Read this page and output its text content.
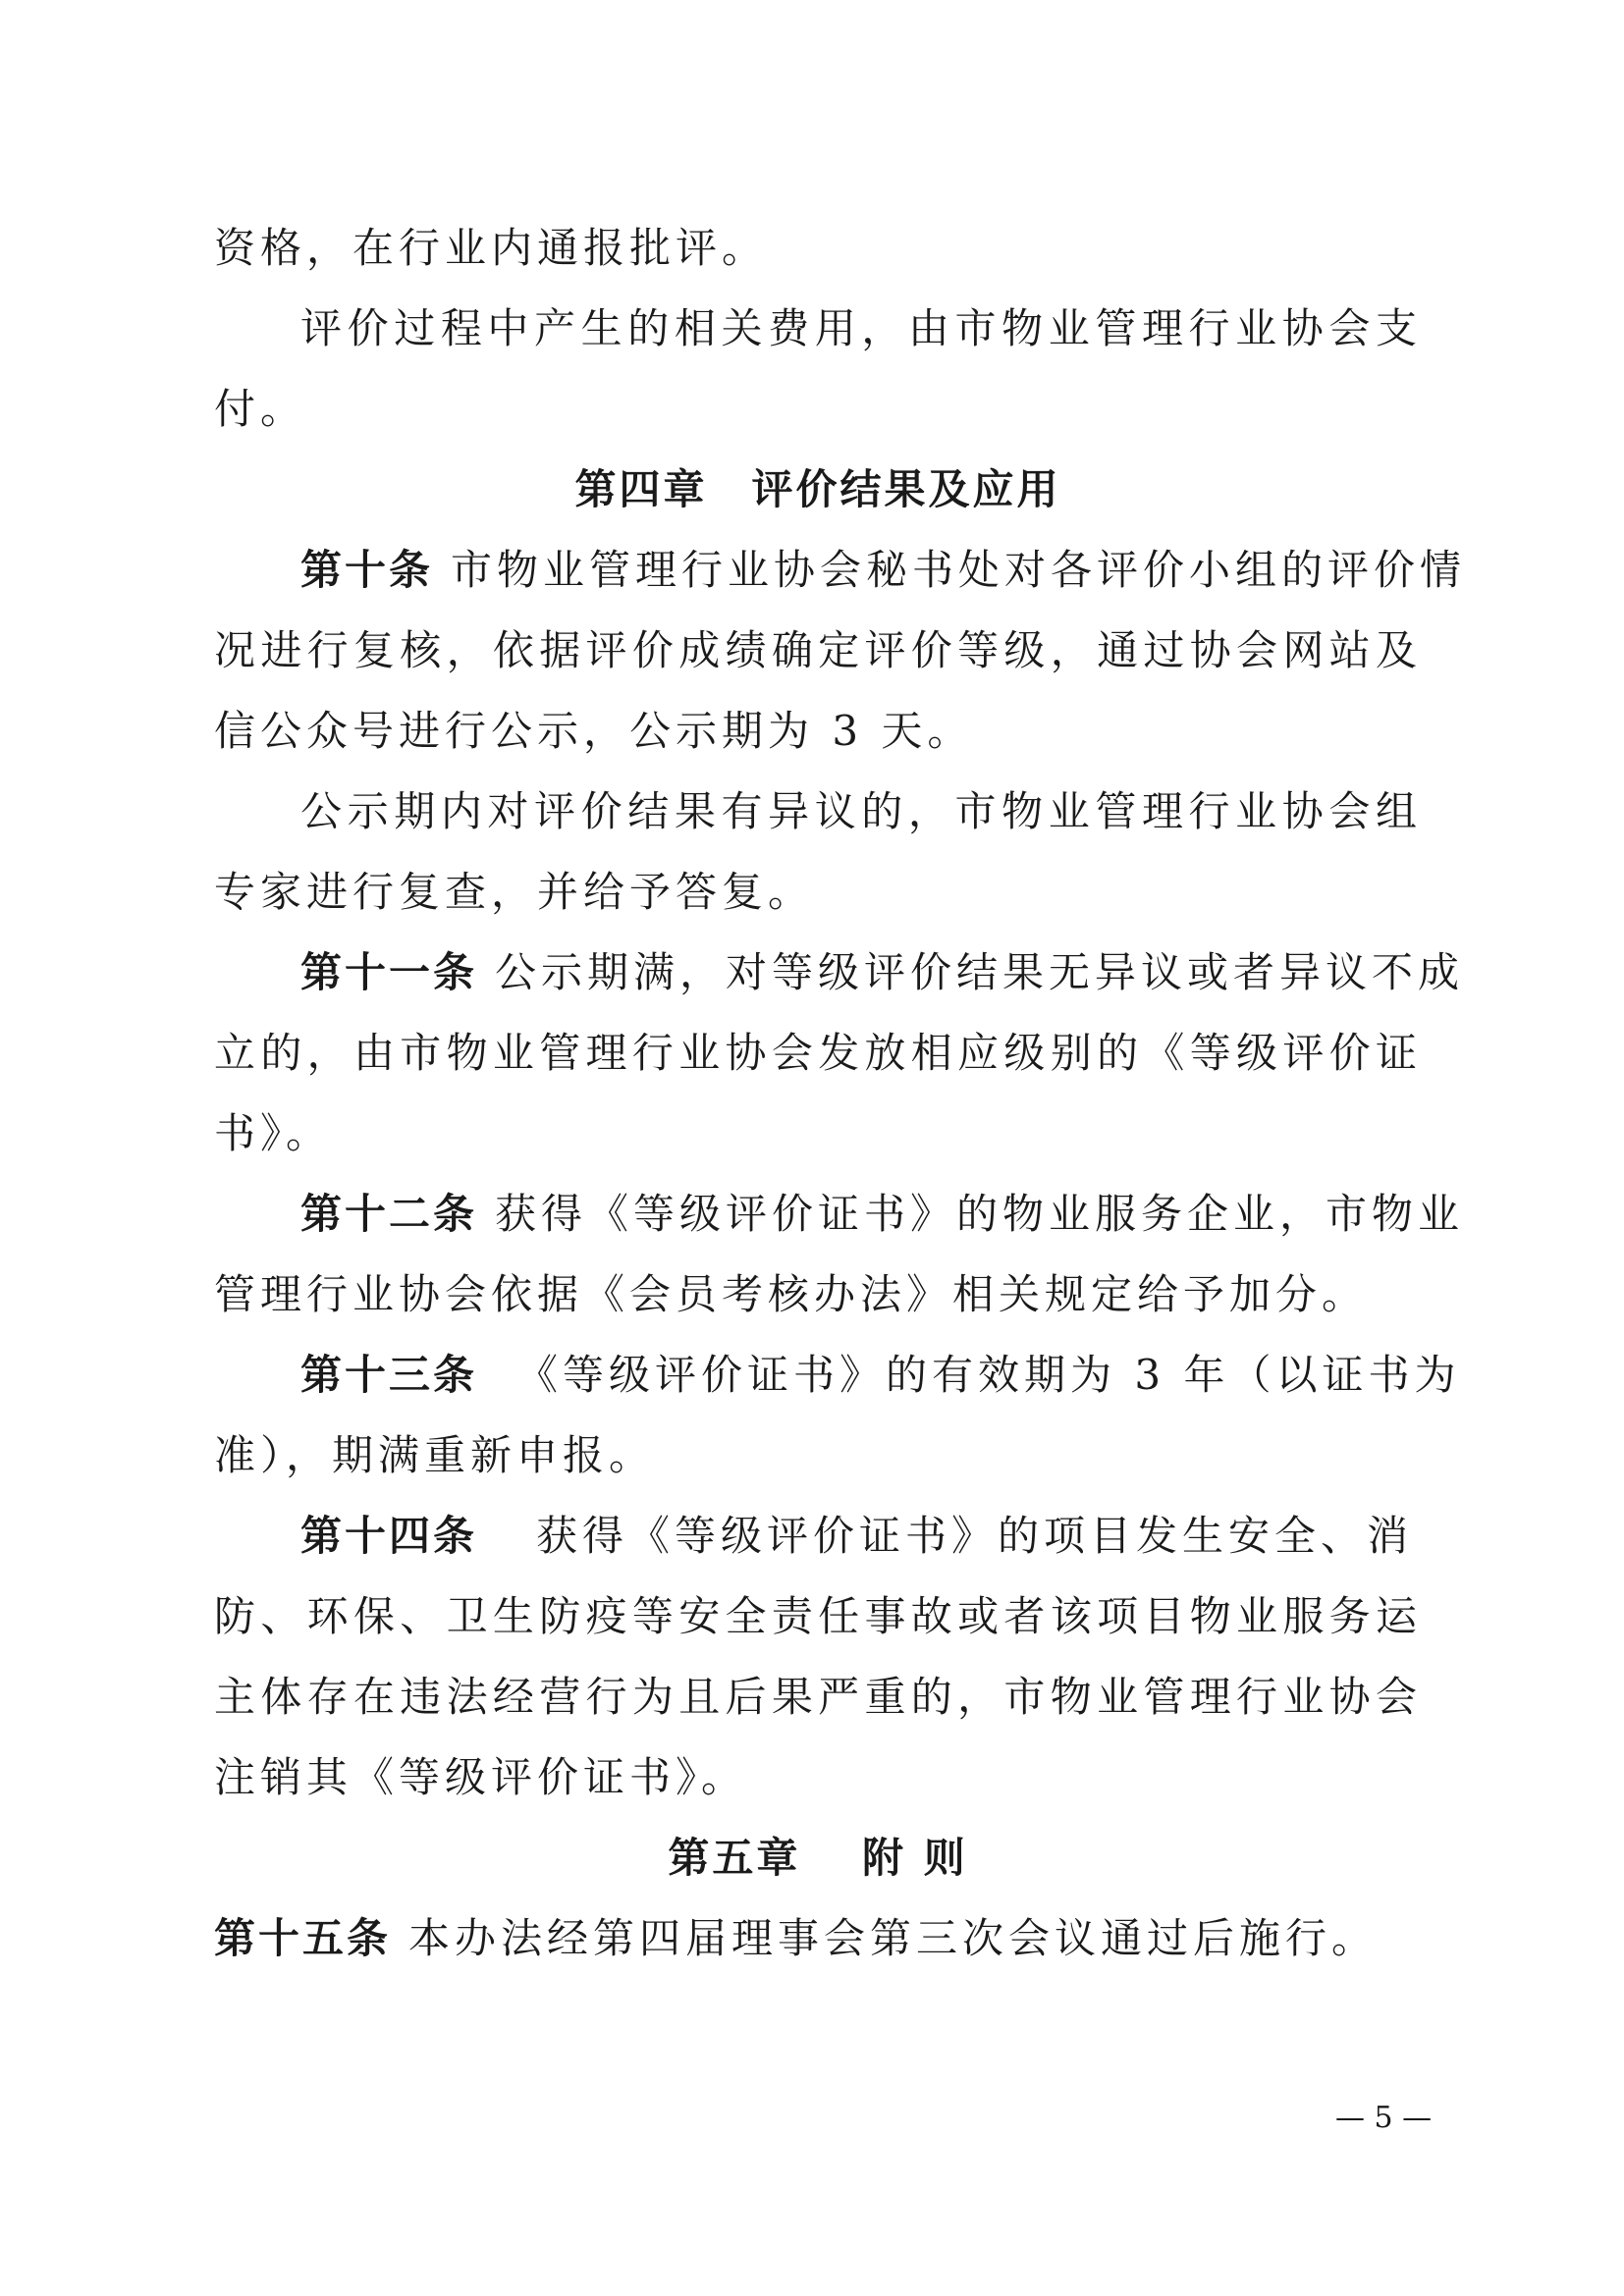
资格，在行业内通报批评。
评价过程中产生的相关费用，由市物业管理行业协会支
付。
第四章　评价结果及应用
第十条 市物业管理行业协会秘书处对各评价小组的评价情
况进行复核，依据评价成绩确定评价等级，通过协会网站及
信公众号进行公示，公示期为 3 天。
公示期内对评价结果有异议的，市物业管理行业协会组
专家进行复查，并给予答复。
第十一条 公示期满，对等级评价结果无异议或者异议不成
立的，由市物业管理行业协会发放相应级别的《等级评价证
书》。
第十二条 获得《等级评价证书》的物业服务企业，市物业
管理行业协会依据《会员考核办法》相关规定给予加分。
第十三条 《等级评价证书》的有效期为 3 年（以证书为
准），期满重新申报。
第十四条 获得《等级评价证书》的项目发生安全、消
防、环保、卫生防疫等安全责任事故或者该项目物业服务运
主体存在违法经营行为且后果严重的，市物业管理行业协会
注销其《等级评价证书》。
第五章　 附 则
第十五条 本办法经第四届理事会第三次会议通过后施行。
— 5 —
